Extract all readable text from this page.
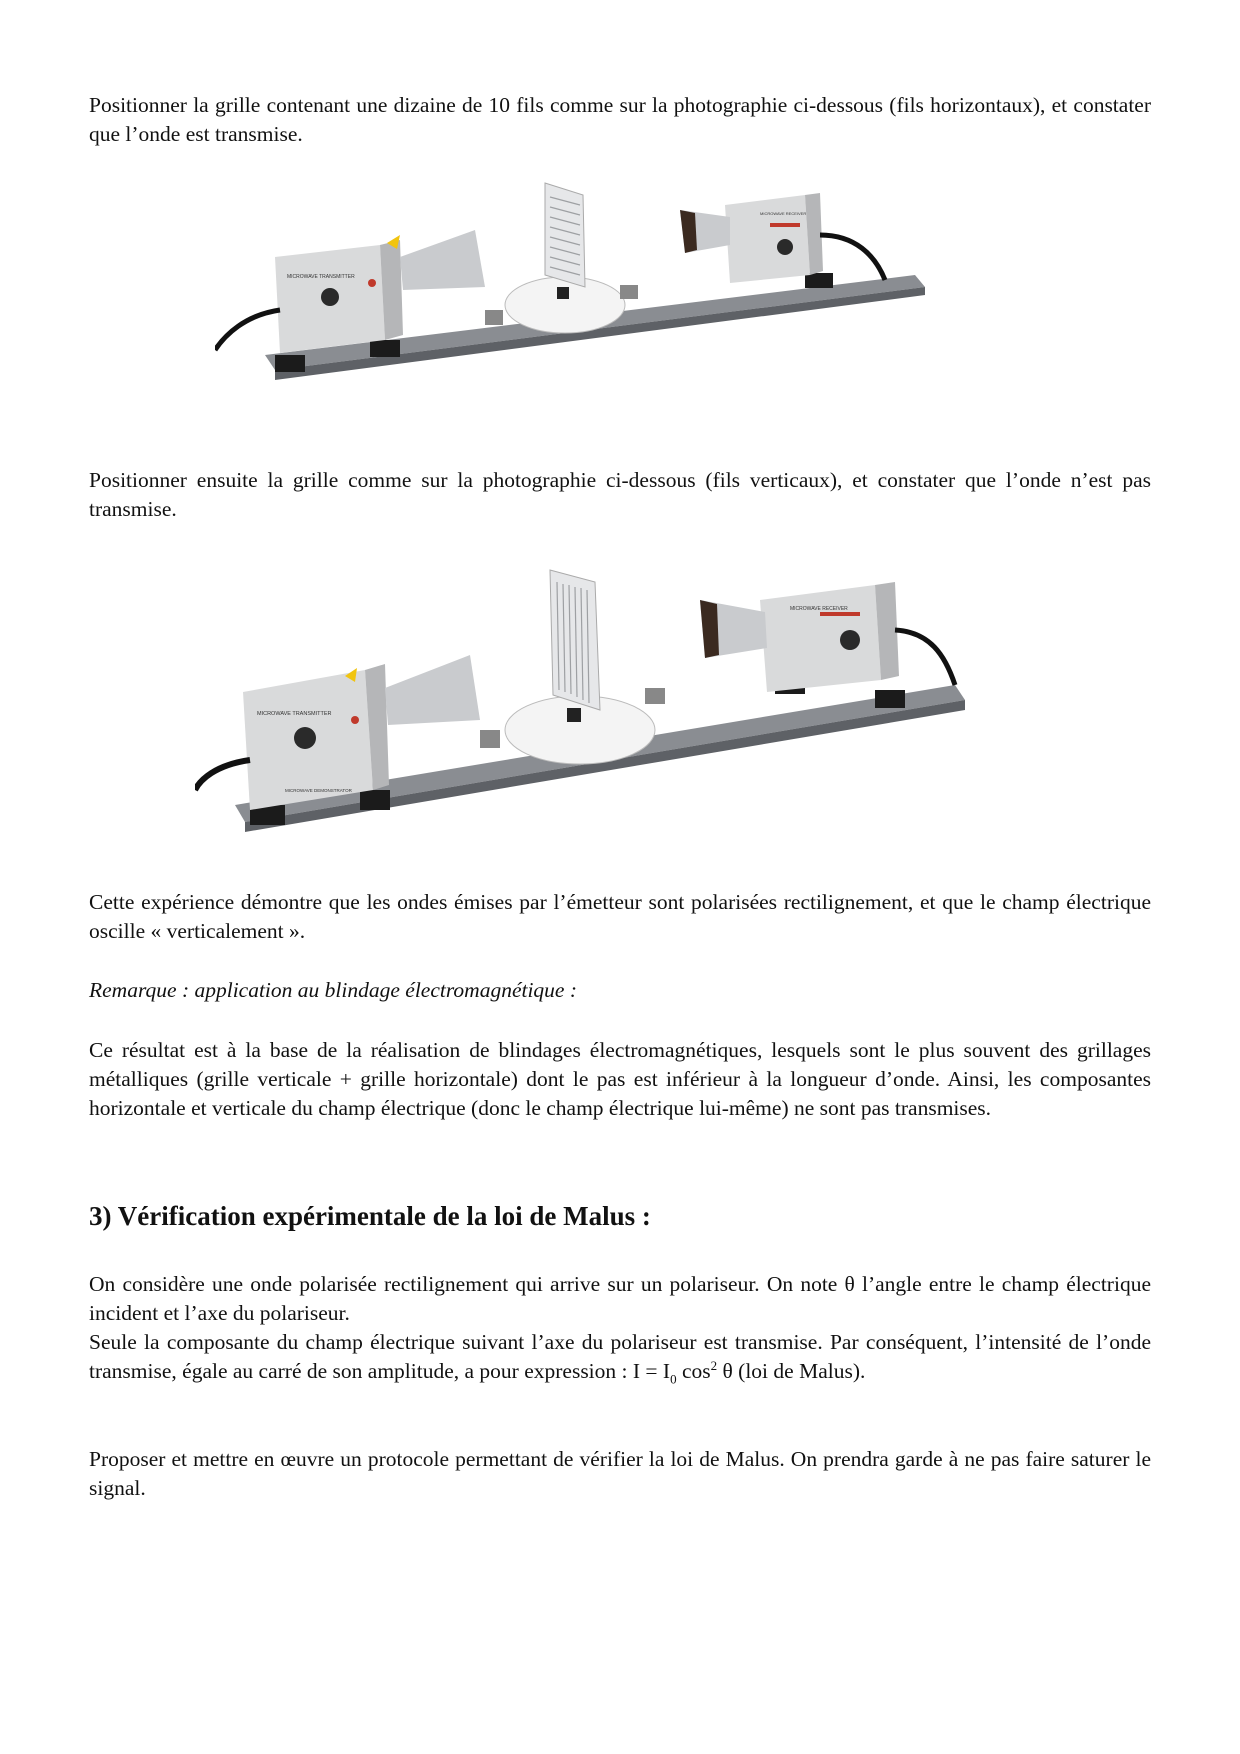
Positionner la grille contenant une dizaine de 10 fils comme sur la photographie ci-dessous (fils horizontaux), et constater que l’onde est transmise.

MICROWAVE TRANSMITTER
MICROWAVE RECEIVER

Positionner ensuite la grille comme sur la photographie ci-dessous (fils verticaux), et constater que l’onde n’est pas transmise.

MICROWAVE TRANSMITTER
MICROWAVE DEMONSTRATOR
MICROWAVE RECEIVER

Cette expérience démontre que les ondes émises par l’émetteur sont polarisées rectilignement, et que le champ électrique oscille « verticalement ».

Remarque : application au blindage électromagnétique :

Ce résultat est à la base de la réalisation de blindages électromagnétiques, lesquels sont le plus souvent des grillages métalliques (grille verticale + grille horizontale) dont le pas est inférieur à la longueur d’onde. Ainsi, les composantes horizontale et verticale du champ électrique (donc le champ électrique lui-même) ne sont pas transmises.

3) Vérification expérimentale de la loi de Malus :

On considère une onde polarisée rectilignement qui arrive sur un polariseur. On note θ l’angle entre le champ électrique incident et l’axe du polariseur.

Seule la composante du champ électrique suivant l’axe du polariseur est transmise. Par conséquent, l’intensité de l’onde transmise, égale au carré de son amplitude, a pour expression : $I = I_0$ $\cos^2 \theta$ (loi de Malus).

Proposer et mettre en œuvre un protocole permettant de vérifier la loi de Malus. On prendra garde à ne pas faire saturer le signal.
